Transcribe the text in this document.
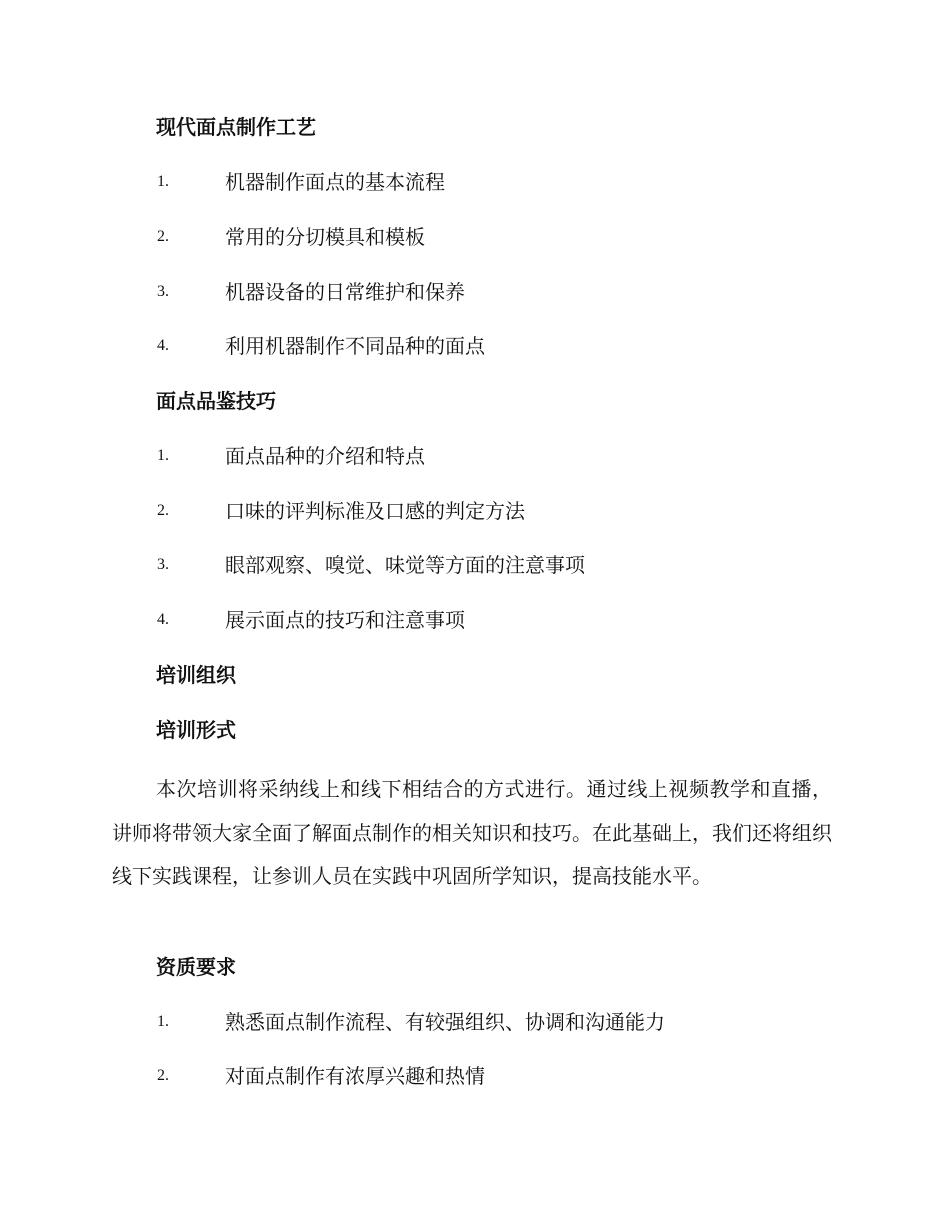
现代面点制作工艺
1.	机器制作面点的基本流程
2.	常用的分切模具和模板
3.	机器设备的日常维护和保养
4.	利用机器制作不同品种的面点
面点品鉴技巧
1.	面点品种的介绍和特点
2.	口味的评判标准及口感的判定方法
3.	眼部观察、嗅觉、味觉等方面的注意事项
4.	展示面点的技巧和注意事项
培训组织
培训形式
本次培训将采纳线上和线下相结合的方式进行。通过线上视频教学和直播，讲师将带领大家全面了解面点制作的相关知识和技巧。在此基础上，我们还将组织线下实践课程，让参训人员在实践中巩固所学知识，提高技能水平。
资质要求
1.	熟悉面点制作流程、有较强组织、协调和沟通能力
2.	对面点制作有浓厚兴趣和热情
